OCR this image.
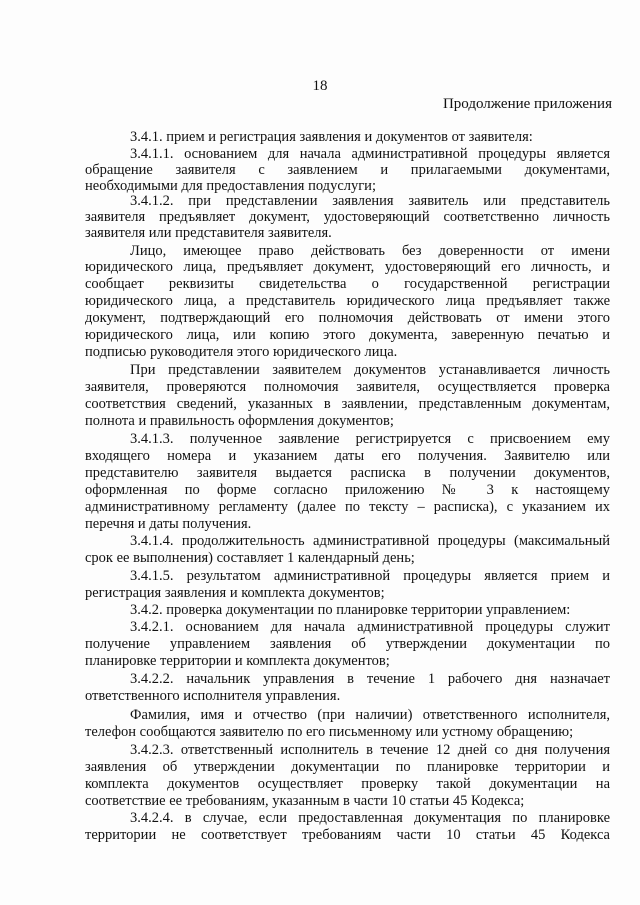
18
Продолжение приложения
3.4.1. прием и регистрация заявления и документов от заявителя:
3.4.1.1. основанием для начала административной процедуры является
обращение заявителя с заявлением и прилагаемыми документами,
необходимыми для предоставления подуслуги;
3.4.1.2. при представлении заявления заявитель или представитель
заявителя предъявляет документ, удостоверяющий соответственно личность
заявителя или представителя заявителя.
Лицо, имеющее право действовать без доверенности от имени
юридического лица, предъявляет документ, удостоверяющий его личность, и
сообщает реквизиты свидетельства о государственной регистрации
юридического лица, а представитель юридического лица предъявляет также
документ, подтверждающий его полномочия действовать от имени этого
юридического лица, или копию этого документа, заверенную печатью и
подписью руководителя этого юридического лица.
При представлении заявителем документов устанавливается личность
заявителя, проверяются полномочия заявителя, осуществляется проверка
соответствия сведений, указанных в заявлении, представленным документам,
полнота и правильность оформления документов;
3.4.1.3. полученное заявление регистрируется с присвоением ему
входящего номера и указанием даты его получения. Заявителю или
представителю заявителя выдается расписка в получении документов,
оформленная по форме согласно приложению № 3 к настоящему
административному регламенту (далее по тексту – расписка), с указанием их
перечня и даты получения.
3.4.1.4. продолжительность административной процедуры (максимальный
срок ее выполнения) составляет 1 календарный день;
3.4.1.5. результатом административной процедуры является прием и
регистрация заявления и комплекта документов;
3.4.2. проверка документации по планировке территории управлением:
3.4.2.1. основанием для начала административной процедуры служит
получение управлением заявления об утверждении документации по
планировке территории и комплекта документов;
3.4.2.2. начальник управления в течение 1 рабочего дня назначает
ответственного исполнителя управления.
Фамилия, имя и отчество (при наличии) ответственного исполнителя,
телефон сообщаются заявителю по его письменному или устному обращению;
3.4.2.3. ответственный исполнитель в течение 12 дней со дня получения
заявления об утверждении документации по планировке территории и
комплекта документов осуществляет проверку такой документации на
соответствие ее требованиям, указанным в части 10 статьи 45 Кодекса;
3.4.2.4. в случае, если предоставленная документация по планировке
территории не соответствует требованиям части 10 статьи 45 Кодекса
